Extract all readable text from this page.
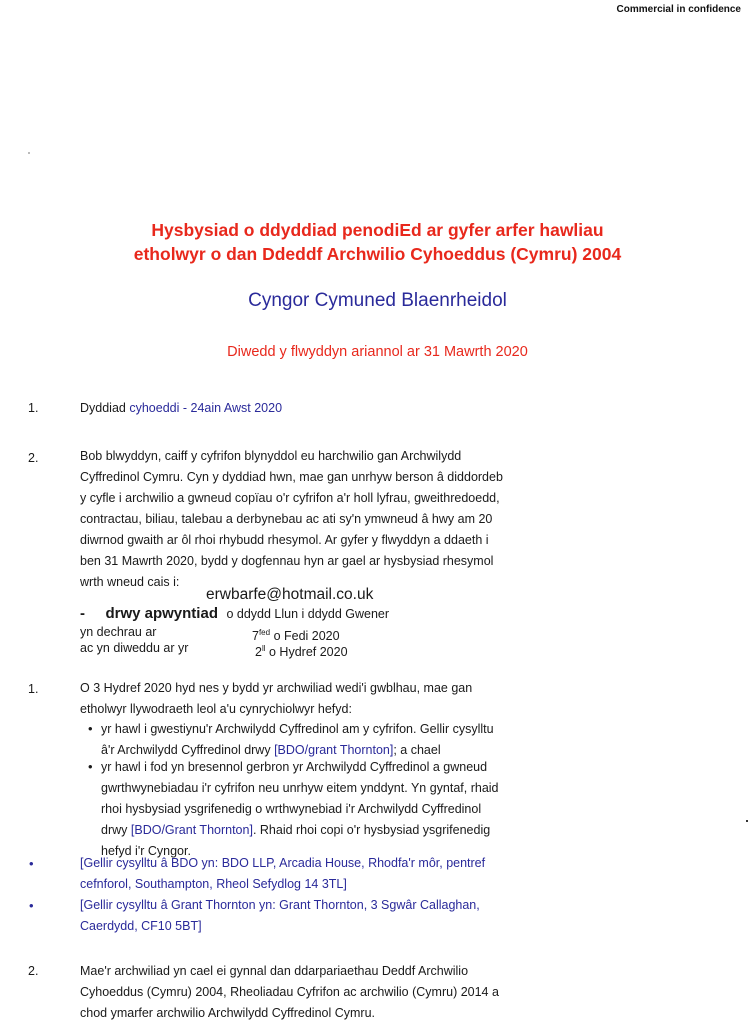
Commercial in confidence
Hysbysiad o ddyddiad penodiEd ar gyfer arfer hawliau
etholwyr o dan Ddeddf Archwilio Cyhoeddus (Cymru) 2004
Cyngor Cymuned Blaenrheidol
Diwedd y flwyddyn ariannol ar 31 Mawrth 2020
1.	Dyddiad cyhoeddi - 24ain Awst 2020
2.	Bob blwyddyn, caiff y cyfrifon blynyddol eu harchwilio gan Archwilydd
Cyffredinol Cymru. Cyn y dyddiad hwn, mae gan unrhyw berson â diddordeb
y cyfle i archwilio a gwneud copïau o'r cyfrifon a'r holl lyfrau, gweithredoedd,
contractau, biliau, talebau a derbynebau ac ati sy'n ymwneud â hwy am 20
diwrnod gwaith ar ôl rhoi rhybudd rhesymol. Ar gyfer y flwyddyn a ddaeth i
ben 31 Mawrth 2020, bydd y dogfennau hyn ar gael ar hysbysiad rhesymol
wrth wneud cais i:
erwbarfe@hotmail.co.uk
- drwy apwyntiad o ddydd Llun i ddydd Gwener
yn dechrau ar	$7^{fed}$ o Fedi 2020
ac yn diweddu ar yr	$2^{ll}$ o Hydref 2020
1.	O 3 Hydref 2020 hyd nes y bydd yr archwiliad wedi'i gwblhau, mae gan
etholwyr llywodraeth leol a'u cynrychiolwyr hefyd:
• yr hawl i gwestiynu'r Archwilydd Cyffredinol am y cyfrifon. Gellir cysylltu
â'r Archwilydd Cyffredinol drwy [BDO/grant Thornton]; a chael
• yr hawl i fod yn bresennol gerbron yr Archwilydd Cyffredinol a gwneud
gwrthwynebiadau i'r cyfrifon neu unrhyw eitem ynddynt. Yn gyntaf, rhaid
rhoi hysbysiad ysgrifenedig o wrthwynebiad i'r Archwilydd Cyffredinol
drwy [BDO/Grant Thornton]. Rhaid rhoi copi o'r hysbysiad ysgrifenedig
hefyd i'r Cyngor.
•	[Gellir cysylltu â BDO yn: BDO LLP, Arcadia House, Rhodfa'r môr, pentref
cefnforol, Southampton, Rheol Sefydlog 14 3TL]
•	[Gellir cysylltu â Grant Thornton yn: Grant Thornton, 3 Sgwâr Callaghan,
Caerdydd, CF10 5BT]
2.	Mae'r archwiliad yn cael ei gynnal dan ddarpariaethau Deddf Archwilio
Cyhoeddus (Cymru) 2004, Rheoliadau Cyfrifon ac archwilio (Cymru) 2014 a
chod ymarfer archwilio Archwilydd Cyffredinol Cymru.
